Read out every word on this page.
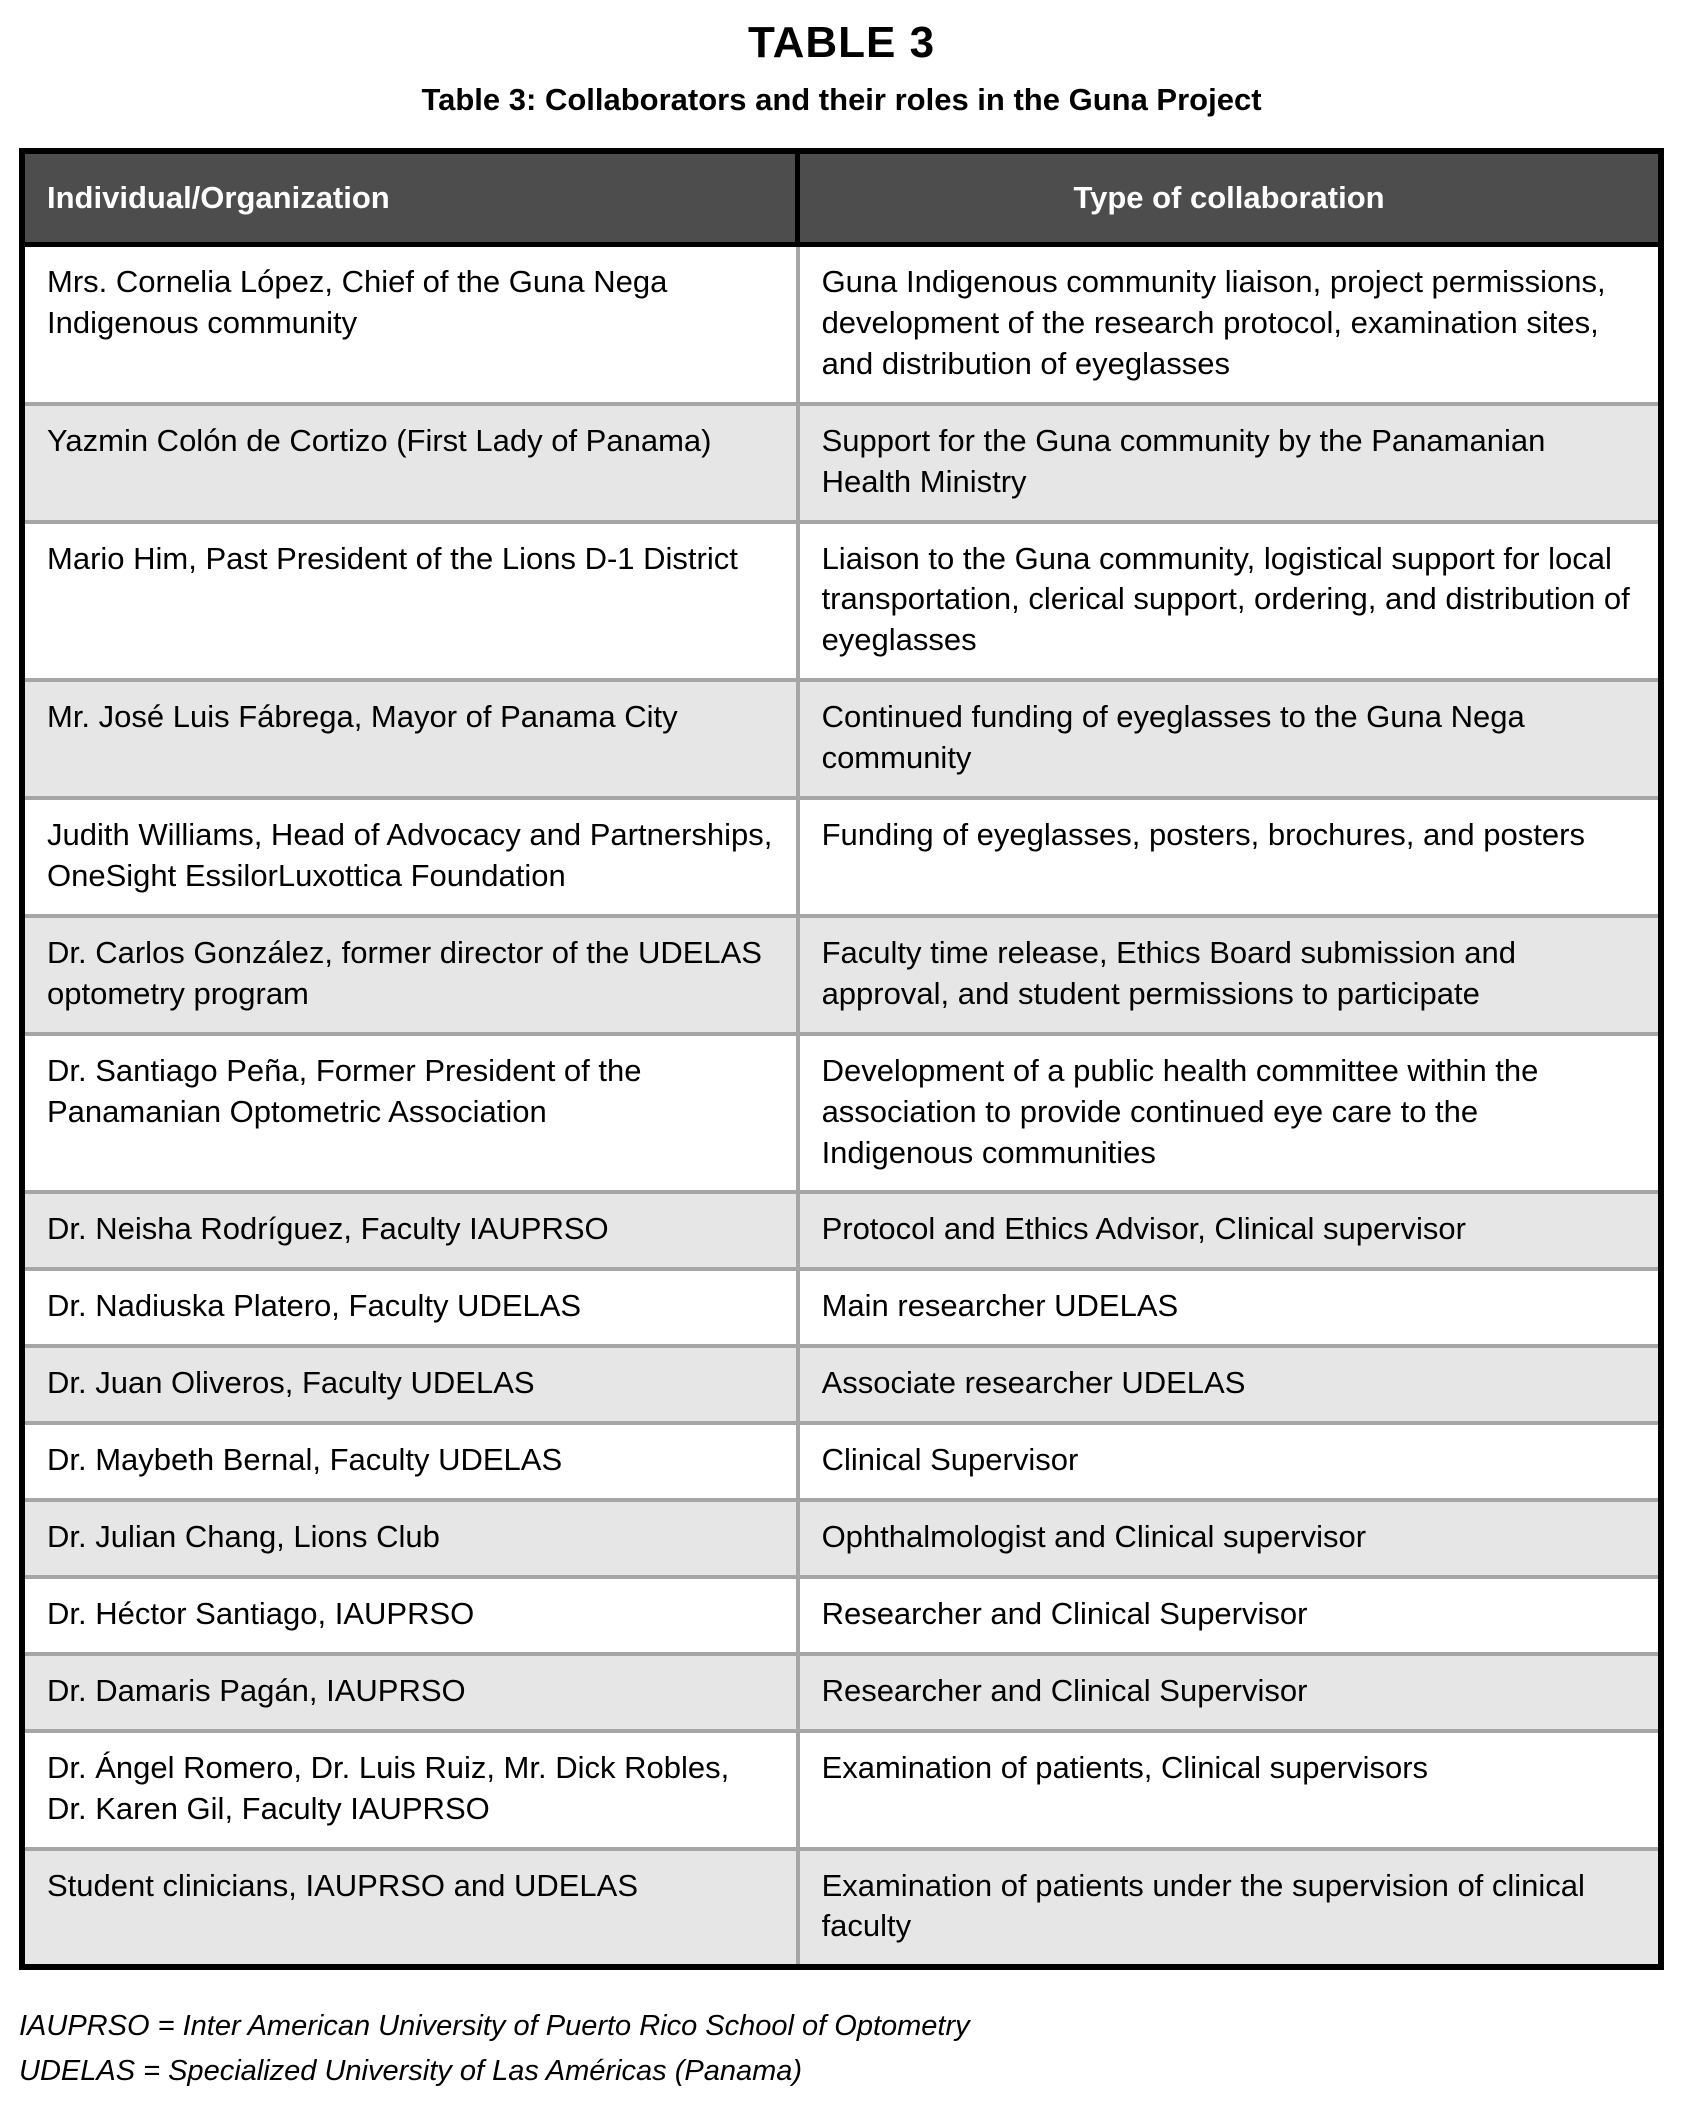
TABLE 3
Table 3: Collaborators and their roles in the Guna Project
Individual/Organization	Type of collaboration
Mrs. Cornelia López, Chief of the Guna Nega Indigenous community	Guna Indigenous community liaison, project permissions, development of the research protocol, examination sites, and distribution of eyeglasses
Yazmin Colón de Cortizo (First Lady of Panama)	Support for the Guna community by the Panamanian Health Ministry
Mario Him, Past President of the Lions D-1 District	Liaison to the Guna community, logistical support for local transportation, clerical support, ordering, and distribution of eyeglasses
Mr. José Luis Fábrega, Mayor of Panama City	Continued funding of eyeglasses to the Guna Nega community
Judith Williams, Head of Advocacy and Partnerships, OneSight EssilorLuxottica Foundation	Funding of eyeglasses, posters, brochures, and posters
Dr. Carlos González, former director of the UDELAS optometry program	Faculty time release, Ethics Board submission and approval, and student permissions to participate
Dr. Santiago Peña, Former President of the Panamanian Optometric Association	Development of a public health committee within the association to provide continued eye care to the Indigenous communities
Dr. Neisha Rodríguez, Faculty IAUPRSO	Protocol and Ethics Advisor, Clinical supervisor
Dr. Nadiuska Platero, Faculty UDELAS	Main researcher UDELAS
Dr. Juan Oliveros, Faculty UDELAS	Associate researcher UDELAS
Dr. Maybeth Bernal, Faculty UDELAS	Clinical Supervisor
Dr. Julian Chang, Lions Club	Ophthalmologist and Clinical supervisor
Dr. Héctor Santiago, IAUPRSO	Researcher and Clinical Supervisor
Dr. Damaris Pagán, IAUPRSO	Researcher and Clinical Supervisor
Dr. Ángel Romero, Dr. Luis Ruiz, Mr. Dick Robles, Dr. Karen Gil, Faculty IAUPRSO	Examination of patients, Clinical supervisors
Student clinicians, IAUPRSO and UDELAS	Examination of patients under the supervision of clinical faculty

IAUPRSO = Inter American University of Puerto Rico School of Optometry

UDELAS = Specialized University of Las Américas (Panama)
